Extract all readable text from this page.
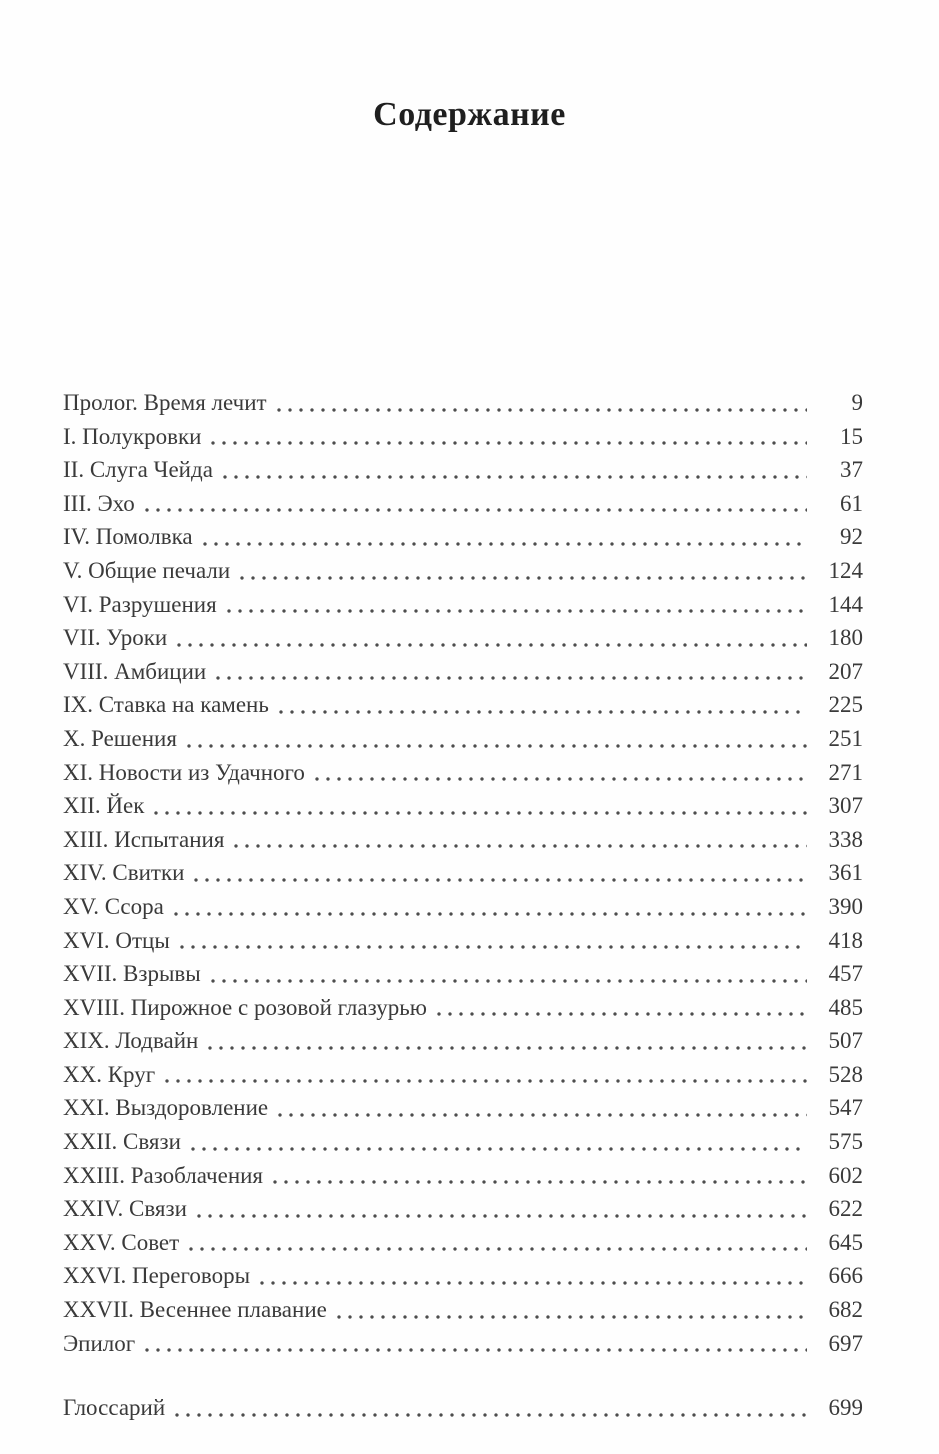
Содержание
Пролог. Время лечит	9
I. Полукровки	15
II. Слуга Чейда	37
III. Эхо	61
IV. Помолвка	92
V. Общие печали	124
VI. Разрушения	144
VII. Уроки	180
VIII. Амбиции	207
IX. Ставка на камень	225
X. Решения	251
XI. Новости из Удачного	271
XII. Йек	307
XIII. Испытания	338
XIV. Свитки	361
XV. Ссора	390
XVI. Отцы	418
XVII. Взрывы	457
XVIII. Пирожное с розовой глазурью	485
XIX. Лодвайн	507
XX. Круг	528
XXI. Выздоровление	547
XXII. Связи	575
XXIII. Разоблачения	602
XXIV. Связи	622
XXV. Совет	645
XXVI. Переговоры	666
XXVII. Весеннее плавание	682
Эпилог	697
Глоссарий	699
